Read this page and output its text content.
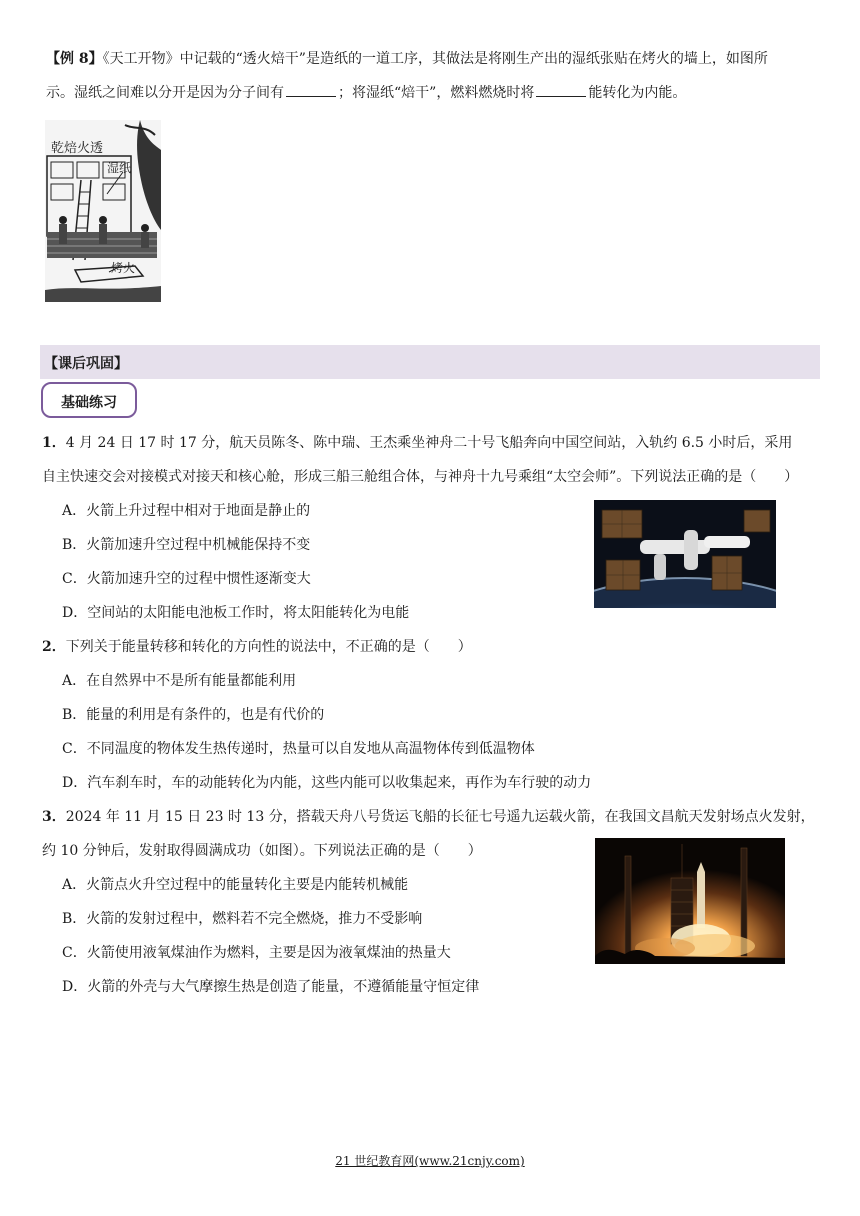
【例 8】《天工开物》中记载的“透火焙干”是造纸的一道工序，其做法是将刚生产出的湿纸张贴在烤火的墙上，如图所
示。湿纸之间难以分开是因为分子间有	；将湿纸“焙干”，燃料燃烧时将	能转化为内能。
乾焙火透
湿纸
烤火
【课后巩固】
基础练习
1．4 月 24 日 17 时 17 分，航天员陈冬、陈中瑞、王杰乘坐神舟二十号飞船奔向中国空间站，入轨约 6.5 小时后，采用
自主快速交会对接模式对接天和核心舱，形成三船三舱组合体，与神舟十九号乘组“太空会师”。下列说法正确的是（　　）
A．火箭上升过程中相对于地面是静止的
B．火箭加速升空过程中机械能保持不变
C．火箭加速升空的过程中惯性逐渐变大
D．空间站的太阳能电池板工作时，将太阳能转化为电能
2．下列关于能量转移和转化的方向性的说法中，不正确的是（　　）
A．在自然界中不是所有能量都能利用
B．能量的利用是有条件的，也是有代价的
C．不同温度的物体发生热传递时，热量可以自发地从高温物体传到低温物体
D．汽车刹车时，车的动能转化为内能，这些内能可以收集起来，再作为车行驶的动力
3．2024 年 11 月 15 日 23 时 13 分，搭载天舟八号货运飞船的长征七号遥九运载火箭，在我国文昌航天发射场点火发射，
约 10 分钟后，发射取得圆满成功（如图）。下列说法正确的是（　　）
A．火箭点火升空过程中的能量转化主要是内能转机械能
B．火箭的发射过程中，燃料若不完全燃烧，推力不受影响
C．火箭使用液氧煤油作为燃料，主要是因为液氧煤油的热量大
D．火箭的外壳与大气摩擦生热是创造了能量，不遵循能量守恒定律
21 世纪教育网(www.21cnjy.com)
